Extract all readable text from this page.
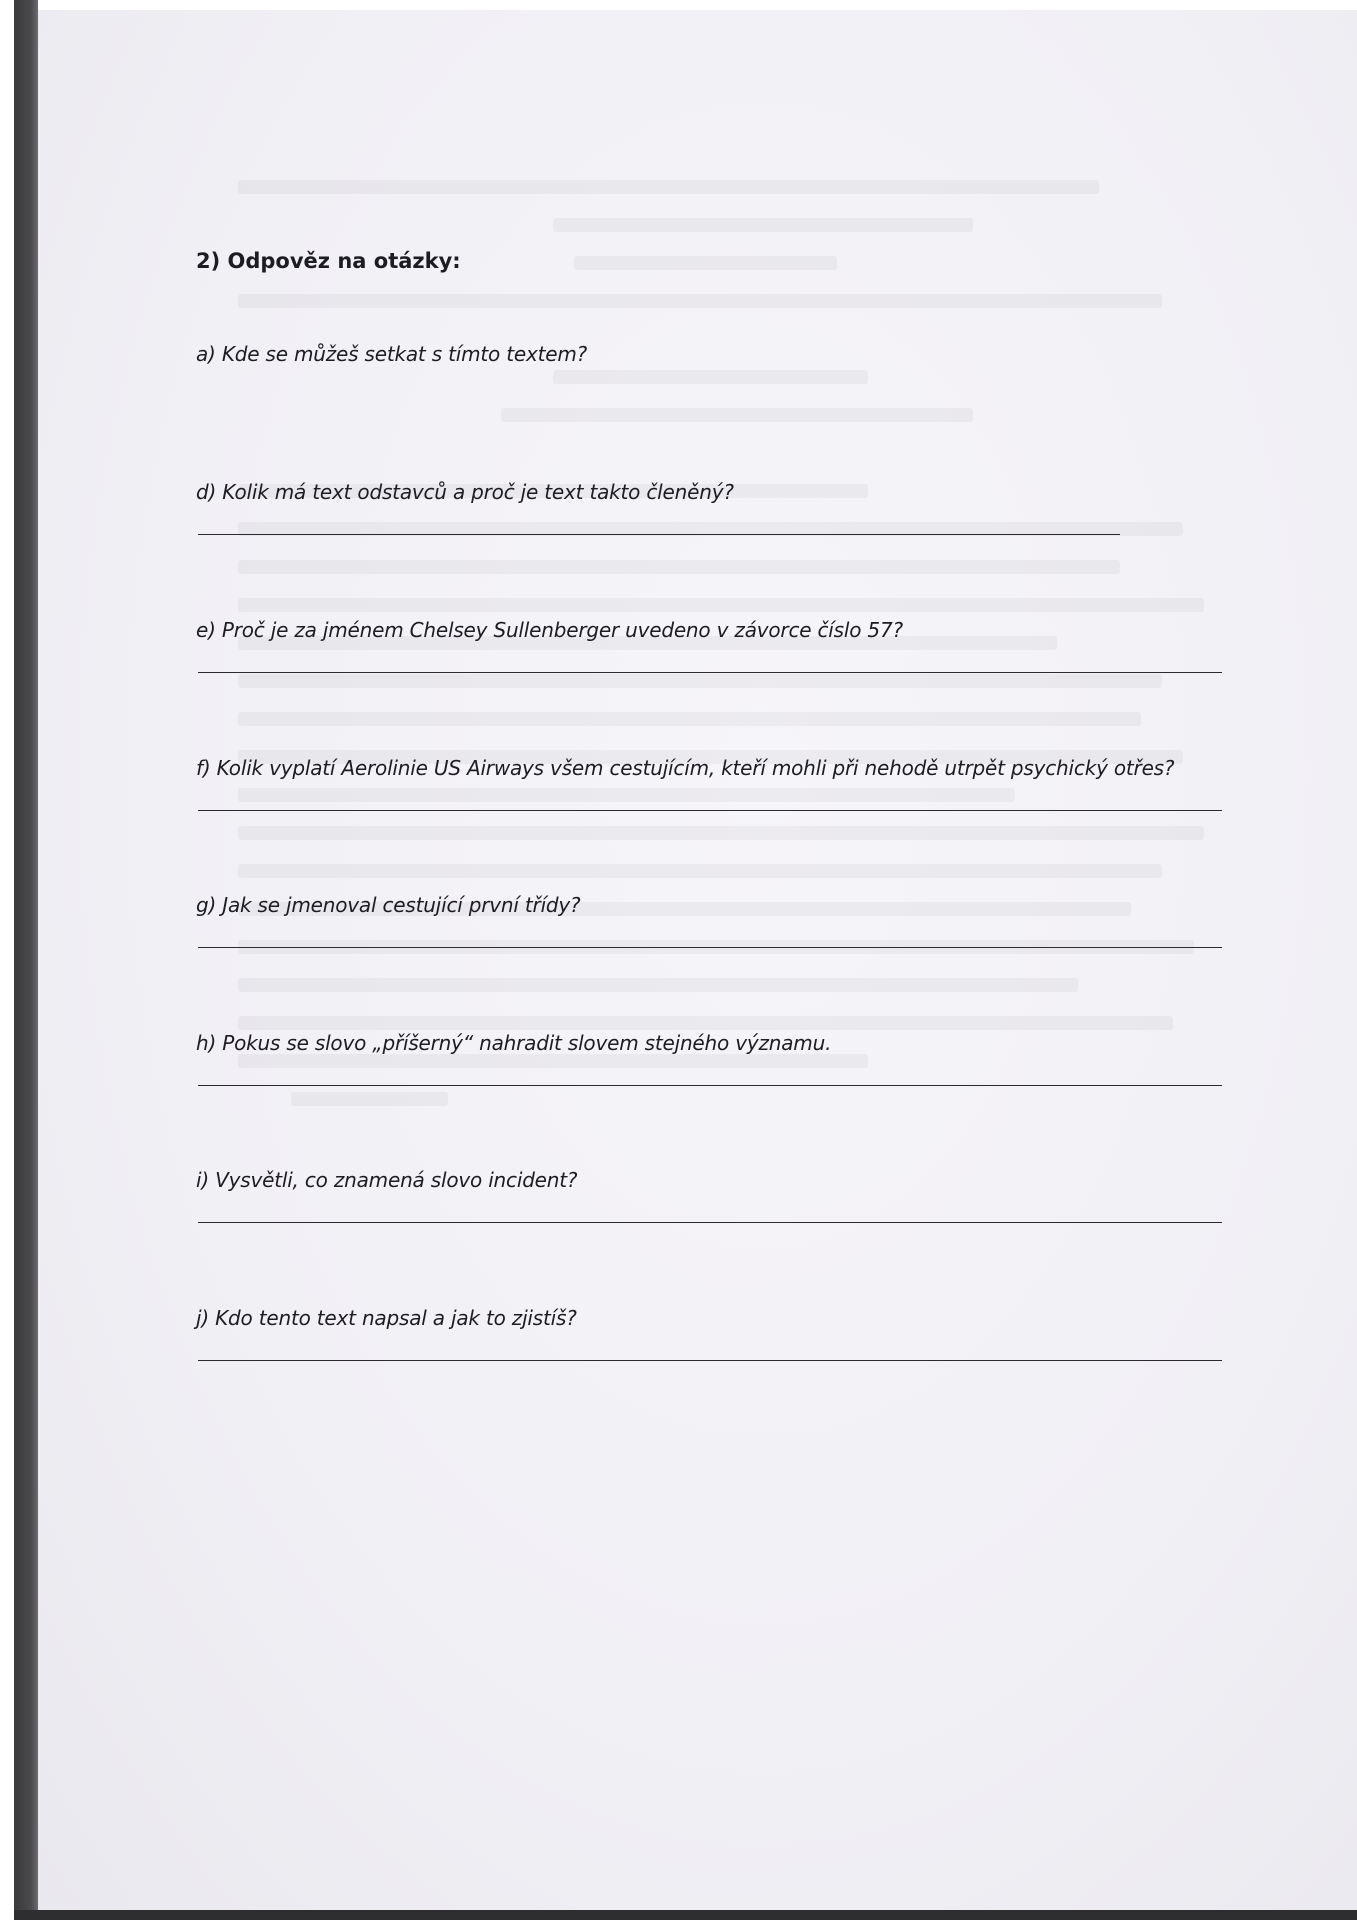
2) Odpověz na otázky:
a) Kde se můžeš setkat s tímto textem?
d) Kolik má text odstavců a proč je text takto členěný?
e) Proč je za jménem Chelsey Sullenberger uvedeno v závorce číslo 57?
f) Kolik vyplatí Aerolinie US Airways všem cestujícím, kteří mohli při nehodě utrpět psychický otřes?
g) Jak se jmenoval cestující první třídy?
h) Pokus se slovo „příšerný“ nahradit slovem stejného významu.
i) Vysvětli, co znamená slovo incident?
j) Kdo tento text napsal a jak to zjistíš?
